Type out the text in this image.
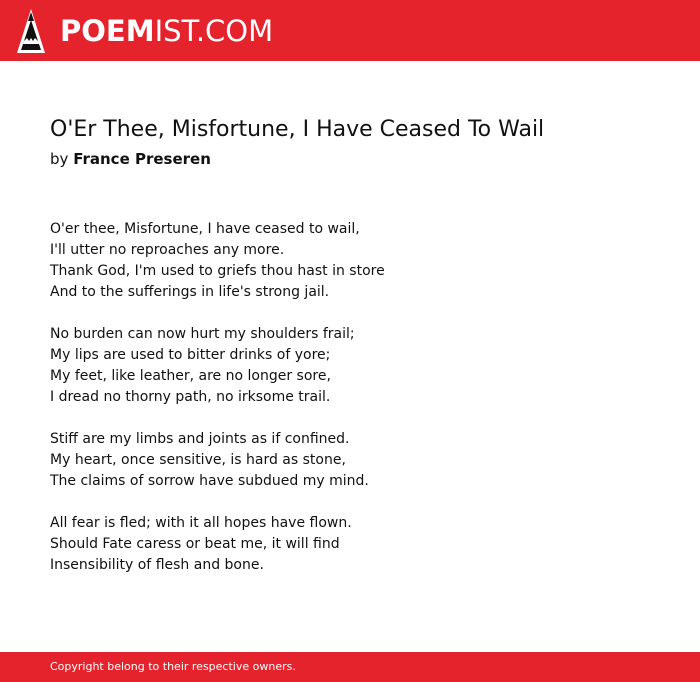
POEMIST.COM
O'Er Thee, Misfortune, I Have Ceased To Wail
by France Preseren
O'er thee, Misfortune, I have ceased to wail,
I'll utter no reproaches any more.
Thank God, I'm used to griefs thou hast in store
And to the sufferings in life's strong jail.
No burden can now hurt my shoulders frail;
My lips are used to bitter drinks of yore;
My feet, like leather, are no longer sore,
I dread no thorny path, no irksome trail.
Stiff are my limbs and joints as if confined.
My heart, once sensitive, is hard as stone,
The claims of sorrow have subdued my mind.
All fear is fled; with it all hopes have flown.
Should Fate caress or beat me, it will find
Insensibility of flesh and bone.
Copyright belong to their respective owners.
